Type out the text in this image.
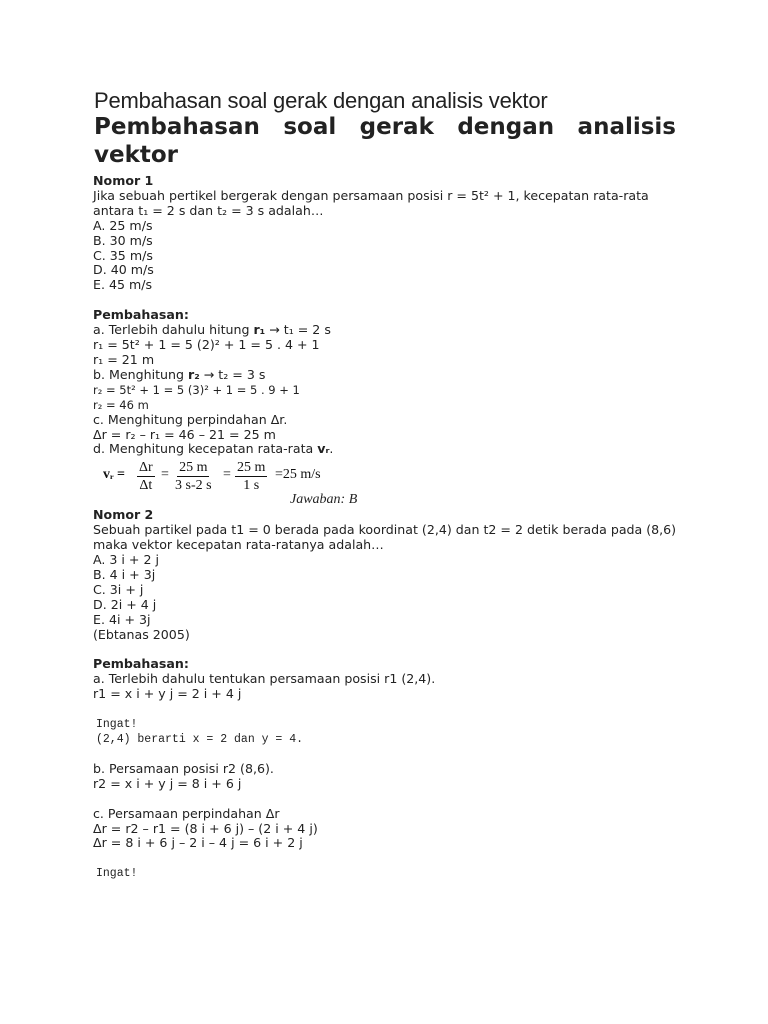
Pembahasan soal gerak dengan analisis vektor
Pembahasan soal gerak dengan analisis vektor

Nomor 1

Jika sebuah pertikel bergerak dengan persamaan posisi r = 5t² + 1, kecepatan rata-rata antara t₁ = 2 s dan t₂ = 3 s adalah…

A. 25 m/s

B. 30 m/s

C. 35 m/s

D. 40 m/s

E. 45 m/s

Pembahasan:

a. Terlebih dahulu hitung r₁ → t₁ = 2 s

r₁ = 5t² + 1 = 5 (2)² + 1 = 5 . 4 + 1

r₁ = 21 m

b. Menghitung r₂ → t₂ = 3 s

r₂ = 5t² + 1 = 5 (3)² + 1 = 5 . 9 + 1

r₂ = 46 m

c. Menghitung perpindahan Δr.

Δr = r₂ – r₁ = 46 – 21 = 25 m

d. Menghitung kecepatan rata-rata vᵣ.

vᵣ = $\frac{\Delta r}{\Delta t} = \frac{25 m}{3 s-2 s} = \frac{25 m}{1 s} =25$ m/s

Jawaban: B

Nomor 2

Sebuah partikel pada t1 = 0 berada pada koordinat (2,4) dan t2 = 2 detik berada pada (8,6) maka vektor kecepatan rata-ratanya adalah…

A. 3 i + 2 j

B. 4 i + 3j

C. 3i + j

D. 2i + 4 j

E. 4i + 3j

(Ebtanas 2005)

Pembahasan:

a. Terlebih dahulu tentukan persamaan posisi r1 (2,4).

r1 = x i + y j = 2 i + 4 j

Ingat!

(2,4) berarti x = 2 dan y = 4.

b. Persamaan posisi r2 (8,6).

r2 = x i + y j = 8 i + 6 j

c. Persamaan perpindahan Δr

Δr = r2 – r1 = (8 i + 6 j) – (2 i + 4 j)

Δr = 8 i + 6 j – 2 i – 4 j = 6 i + 2 j

Ingat!
